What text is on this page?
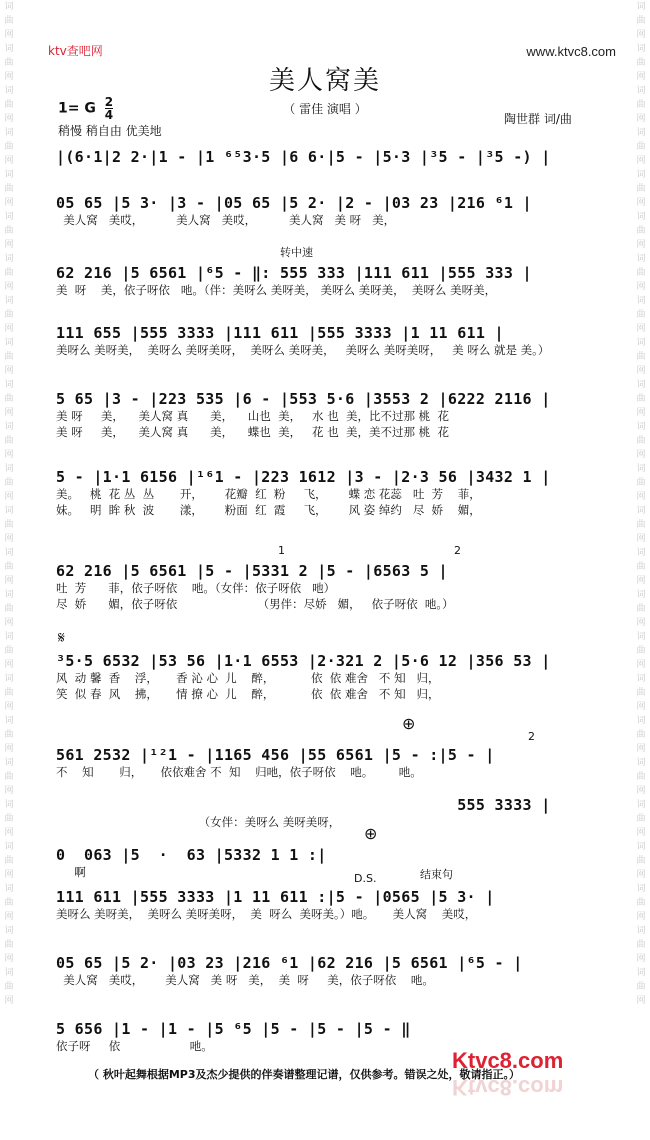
词曲网词曲网词曲网词曲网词曲网词曲网词曲网词曲网词曲网词曲网词曲网词曲网词曲网词曲网词曲网词曲网词曲网词曲网词曲网词曲网词曲网词曲网词曲网词曲网
词曲网词曲网词曲网词曲网词曲网词曲网词曲网词曲网词曲网词曲网词曲网词曲网词曲网词曲网词曲网词曲网词曲网词曲网词曲网词曲网词曲网词曲网词曲网词曲网
ktv查吧网	www.ktvc8.com
美人窝美
（ 雷佳 演唱 ）
1= G $\frac{2}{4}$
稍慢 稍自由 优美地
陶世群 词/曲
转中速
1	2
𝄋
⊕
⊕
2
D.S.	结束句
|(6·1|2 2·|1 - |1 ⁶⁵3·5 |6 6·|5 - |5·3 |³5 - |³5 -) |
05 65 |5 3· |3 - |05 65 |5 2· |2 - |03 23 |216 ⁶1 |
美人窝   美哎，         美人窝   美哎，         美人窝   美 呀   美，
62 216 |5 6561 |⁶5 - ‖: 555 333 |111 611 |555 333 |
美  呀    美，依子呀依   吔。（伴：美呀么 美呀美， 美呀么 美呀美，  美呀么 美呀美，
111 655 |555 3333 |111 611 |555 3333 |1 11 611 |
美呀么 美呀美，  美呀么 美呀美呀，  美呀么 美呀美，   美呀么 美呀美呀，   美 呀么 就是 美。）
5 65 |3 - |223 535 |6 - |553 5·6 |3553 2 |6222 2116 |
美 呀     美，    美人窝 真      美，    山也  美，   水 也  美，比不过那 桃  花
美 呀     美，    美人窝 真      美，    蝶也  美，   花 也  美，美不过那 桃  花
5 - |1·1 6156 |¹⁶1 - |223 1612 |3 - |2·3 56 |3432 1 |
美。   桃  花 丛  丛       开，      花瓣  红  粉     飞，      蝶 恋 花蕊   吐  芳    菲，
妹。   明  眸 秋  波       漾，      粉面  红  霞     飞，      风 姿 绰约   尽  娇    媚，
62 216 |5 6561 |5 - |5331 2 |5 - |6563 5 |
吐  芳      菲，依子呀依    吔。（女伴：依子呀依   吔）
尽  娇      媚，依子呀依                      （男伴：尽娇   媚，   依子呀依  吔。）
³5·5 6532 |53 56 |1·1 6553 |2·321 2 |5·6 12 |356 53 |
风  动 馨  香    浮，     香 沁 心  儿    醉，          依  依 难舍   不 知   归，
笑  似 春  风    拂，     情 撩 心  儿    醉，          依  依 难舍   不 知   归，
561 2532 |¹²1 - |1165 456 |55 6561 |5 - :|5 - |
不    知       归，     依依难舍 不  知    归吔，依子呀依    吔。       吔。
555 3333 |
（女伴：美呀么 美呀美呀，
0  063 |5  ·  63 |5332 1 1 :|
啊
111 611 |555 3333 |1 11 611 :|5 - |0565 |5 3· |
美呀么 美呀美，  美呀么 美呀美呀，  美  呀么  美呀美。）吔。     美人窝    美哎，
05 65 |5 2· |03 23 |216 ⁶1 |62 216 |5 6561 |⁶5 - |
美人窝   美哎，      美人窝   美 呀   美，  美  呀     美，依子呀依    吔。
5 656 |1 - |1 - |5 ⁶5 |5 - |5 - |5 - ‖
依子呀     依                   吔。
（ 秋叶起舞根据MP3及杰少提供的伴奏谱整理记谱，仅供参考。错误之处，敬请指正。）
Ktvc8.com
Ktvc8.com
